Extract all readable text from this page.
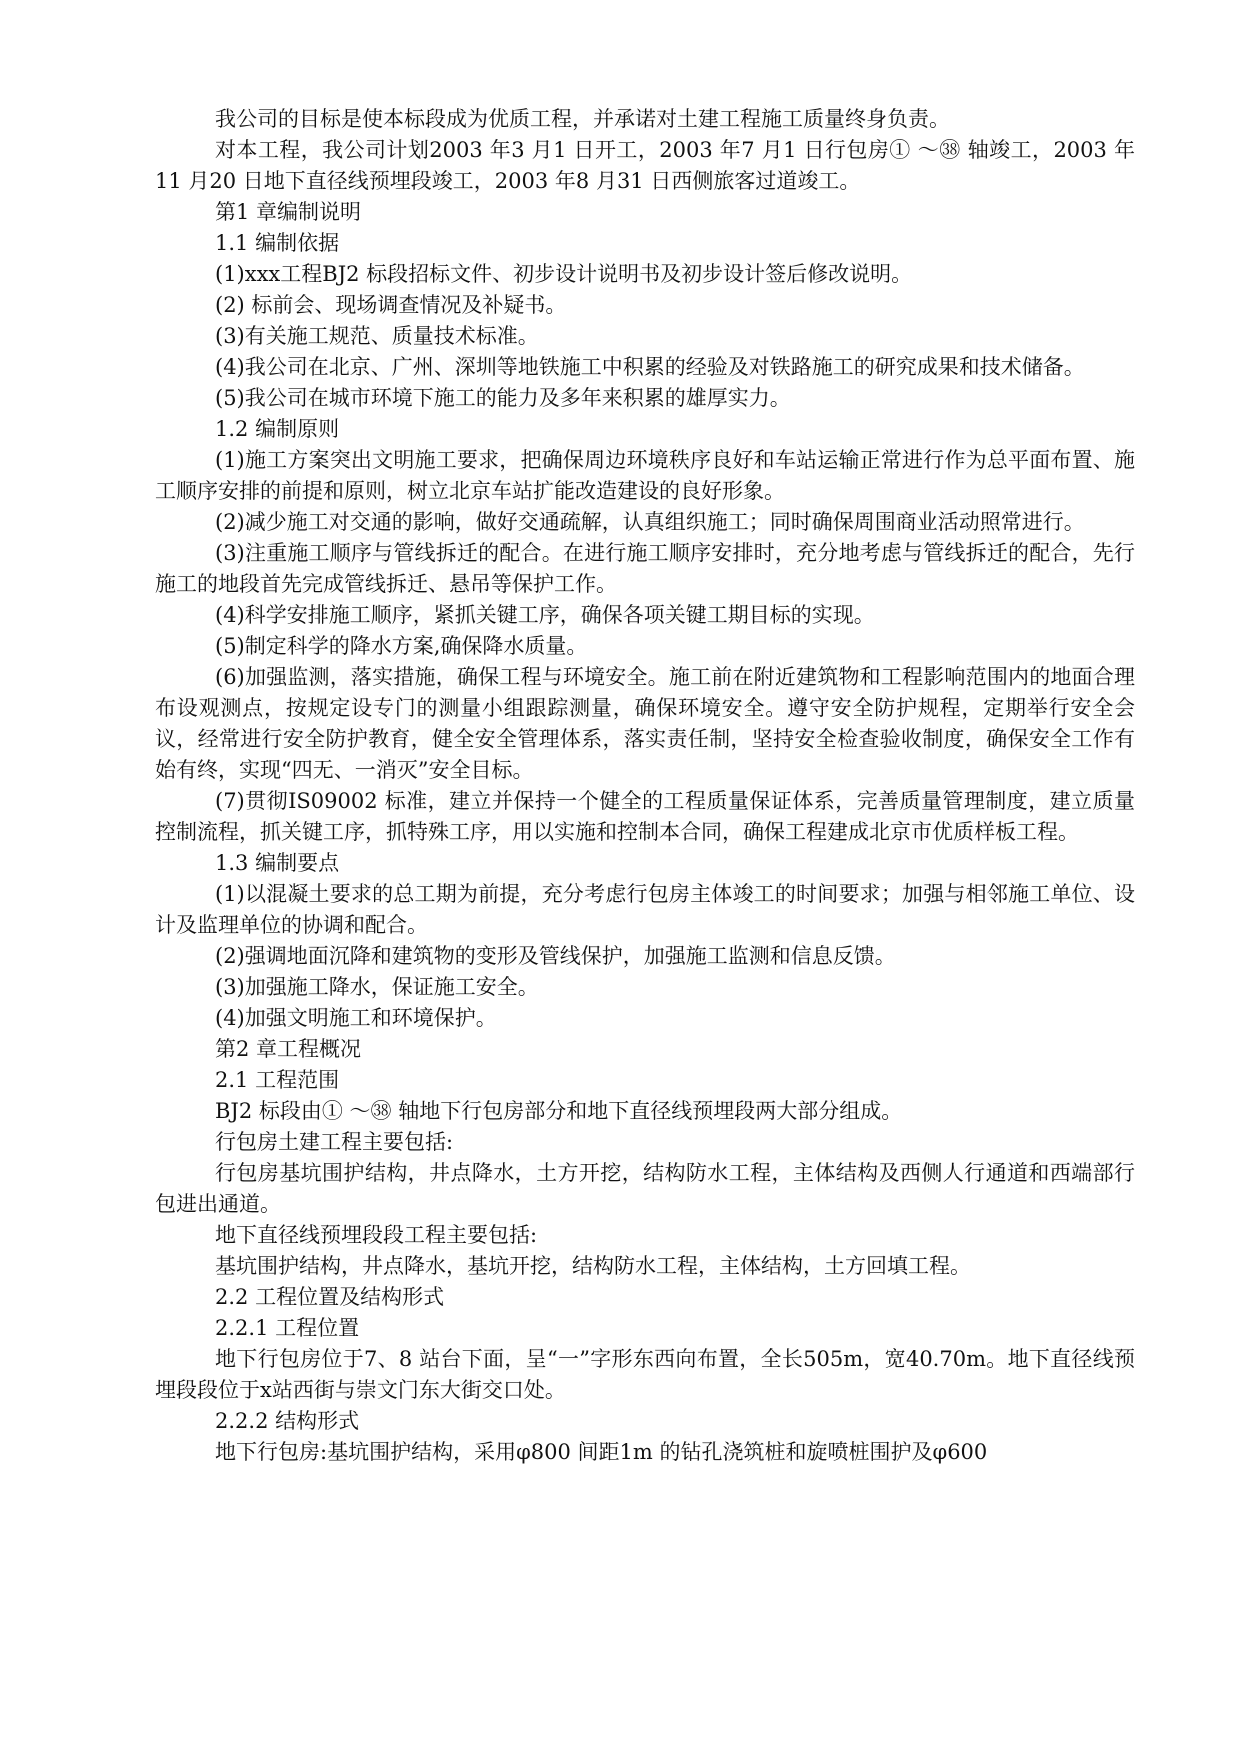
我公司的目标是使本标段成为优质工程，并承诺对土建工程施工质量终身负责。

对本工程，我公司计划2003 年3 月1 日开工，2003 年7 月1 日行包房① ～㊳ 轴竣工，2003 年11 月20 日地下直径线预埋段竣工，2003 年8 月31 日西侧旅客过道竣工。

第1 章编制说明

1.1 编制依据

(1)xxx工程BJ2 标段招标文件、初步设计说明书及初步设计签后修改说明。

(2) 标前会、现场调查情况及补疑书。

(3)有关施工规范、质量技术标准。

(4)我公司在北京、广州、深圳等地铁施工中积累的经验及对铁路施工的研究成果和技术储备。

(5)我公司在城市环境下施工的能力及多年来积累的雄厚实力。

1.2 编制原则

(1)施工方案突出文明施工要求，把确保周边环境秩序良好和车站运输正常进行作为总平面布置、施工顺序安排的前提和原则，树立北京车站扩能改造建设的良好形象。

(2)减少施工对交通的影响，做好交通疏解，认真组织施工；同时确保周围商业活动照常进行。

(3)注重施工顺序与管线拆迁的配合。在进行施工顺序安排时，充分地考虑与管线拆迁的配合，先行施工的地段首先完成管线拆迁、悬吊等保护工作。

(4)科学安排施工顺序，紧抓关键工序，确保各项关键工期目标的实现。

(5)制定科学的降水方案,确保降水质量。

(6)加强监测，落实措施，确保工程与环境安全。施工前在附近建筑物和工程影响范围内的地面合理布设观测点，按规定设专门的测量小组跟踪测量，确保环境安全。遵守安全防护规程，定期举行安全会议，经常进行安全防护教育，健全安全管理体系，落实责任制，坚持安全检查验收制度，确保安全工作有始有终，实现“四无、一消灭”安全目标。

(7)贯彻IS09002 标准，建立并保持一个健全的工程质量保证体系，完善质量管理制度，建立质量控制流程，抓关键工序，抓特殊工序，用以实施和控制本合同，确保工程建成北京市优质样板工程。

1.3 编制要点

(1)以混凝土要求的总工期为前提，充分考虑行包房主体竣工的时间要求；加强与相邻施工单位、设计及监理单位的协调和配合。

(2)强调地面沉降和建筑物的变形及管线保护，加强施工监测和信息反馈。

(3)加强施工降水，保证施工安全。

(4)加强文明施工和环境保护。

第2 章工程概况

2.1 工程范围

BJ2 标段由① ～㊳ 轴地下行包房部分和地下直径线预埋段两大部分组成。

行包房土建工程主要包括:

行包房基坑围护结构，井点降水，土方开挖，结构防水工程，主体结构及西侧人行通道和西端部行包进出通道。

地下直径线预埋段段工程主要包括:

基坑围护结构，井点降水，基坑开挖，结构防水工程，主体结构，土方回填工程。

2.2 工程位置及结构形式

2.2.1 工程位置

地下行包房位于7、8 站台下面，呈“一”字形东西向布置，全长505m，宽40.70m。地下直径线预埋段段位于x站西街与崇文门东大街交口处。

2.2.2 结构形式

地下行包房:基坑围护结构，采用φ800 间距1m 的钻孔浇筑桩和旋喷桩围护及φ600
